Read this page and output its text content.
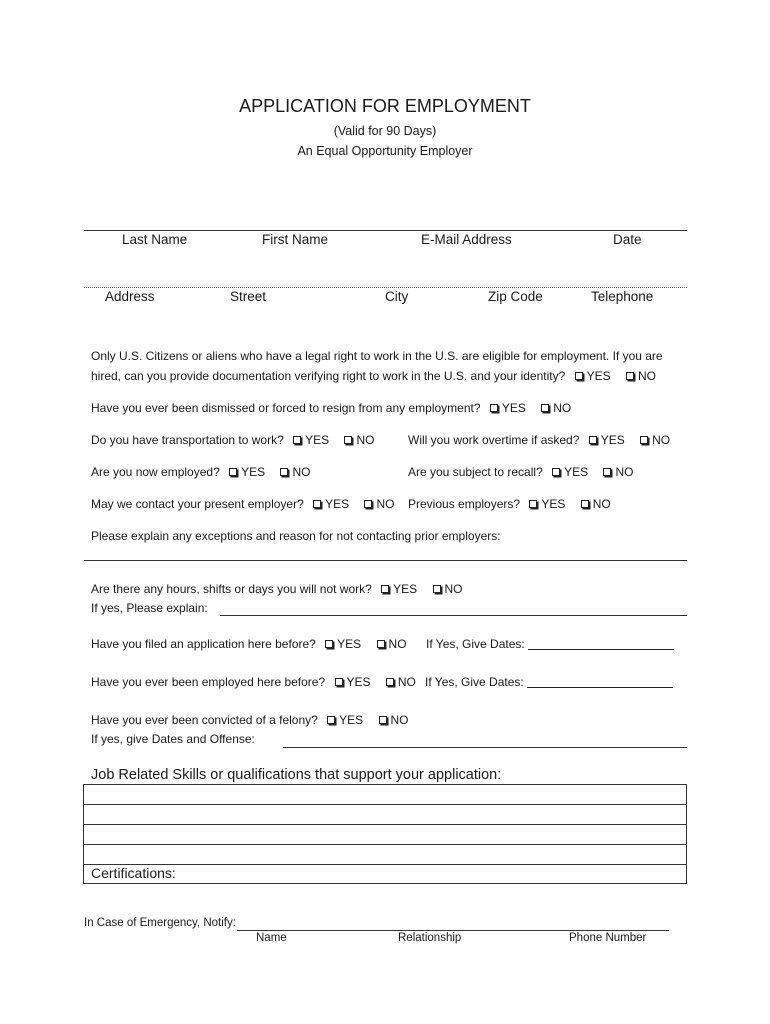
APPLICATION FOR EMPLOYMENT
(Valid for 90 Days)
An Equal Opportunity Employer
Last Name	First Name	E-Mail Address	Date
Address	Street	City	Zip Code	Telephone
Only U.S. Citizens or aliens who have a legal right to work in the U.S. are eligible for employment. If you are
hired, can you provide documentation verifying right to work in the U.S. and your identity? YES NO
Have you ever been dismissed or forced to resign from any employment? YES NO
Do you have transportation to work? YES NO	Will you work overtime if asked? YES NO
Are you now employed? YES NO	Are you subject to recall? YES NO
May we contact your present employer? YES NO Previous employers? YES NO
Please explain any exceptions and reason for not contacting prior employers:
Are there any hours, shifts or days you will not work? YES NO
If yes, Please explain:
Have you filed an application here before? YES NO If Yes, Give Dates:
Have you ever been employed here before? YES NO If Yes, Give Dates:
Have you ever been convicted of a felony? YES NO
If yes, give Dates and Offense:
Job Related Skills or qualifications that support your application:
Certifications:
In Case of Emergency, Notify:
Name	Relationship	Phone Number
